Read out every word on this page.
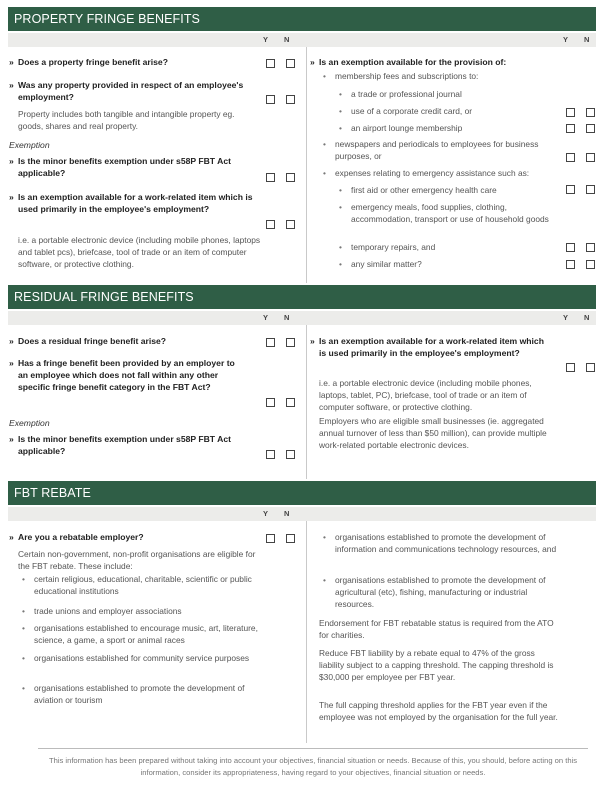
PROPERTY FRINGE BENEFITS
Y N	Y N
» Does a property fringe benefit arise?
» Was any property provided in respect of an employee's employment?
Property includes both tangible and intangible property eg. goods, shares and real property.
Exemption
» Is the minor benefits exemption under s58P FBT Act applicable?
» Is an exemption available for a work-related item which is used primarily in the employee's employment?
i.e. a portable electronic device (including mobile phones, laptops and tablet pcs), briefcase, tool of trade or an item of computer software, or protective clothing.
» Is an exemption available for the provision of:
• membership fees and subscriptions to:
• a trade or professional journal
• use of a corporate credit card, or
• an airport lounge membership
• newspapers and periodicals to employees for business purposes, or
• expenses relating to emergency assistance such as:
• first aid or other emergency health care
• emergency meals, food supplies, clothing, accommodation, transport or use of household goods
• temporary repairs, and
• any similar matter?
RESIDUAL FRINGE BENEFITS
Y N	Y N
» Does a residual fringe benefit arise?
» Has a fringe benefit been provided by an employer to an employee which does not fall within any other specific fringe benefit category in the FBT Act?
Exemption
» Is the minor benefits exemption under s58P FBT Act applicable?
» Is an exemption available for a work-related item which is used primarily in the employee's employment?
i.e. a portable electronic device (including mobile phones, laptops, tablet, PC), briefcase, tool of trade or an item of computer software, or protective clothing.
Employers who are eligible small businesses (ie. aggregated annual turnover of less than $50 million), can provide multiple work-related portable electronic devices.
FBT REBATE
Y N
» Are you a rebatable employer?
Certain non-government, non-profit organisations are eligible for the FBT rebate. These include:
• certain religious, educational, charitable, scientific or public educational institutions
• trade unions and employer associations
• organisations established to encourage music, art, literature, science, a game, a sport or animal races
• organisations established for community service purposes
• organisations established to promote the development of aviation or tourism
• organisations established to promote the development of information and communications technology resources, and
• organisations established to promote the development of agricultural (etc), fishing, manufacturing or industrial resources.
Endorsement for FBT rebatable status is required from the ATO for charities.
Reduce FBT liability by a rebate equal to 47% of the gross liability subject to a capping threshold. The capping threshold is $30,000 per employee per FBT year.
The full capping threshold applies for the FBT year even if the employee was not employed by the organisation for the full year.
This information has been prepared without taking into account your objectives, financial situation or needs. Because of this, you should, before acting on this information, consider its appropriateness, having regard to your objectives, financial situation or needs.
